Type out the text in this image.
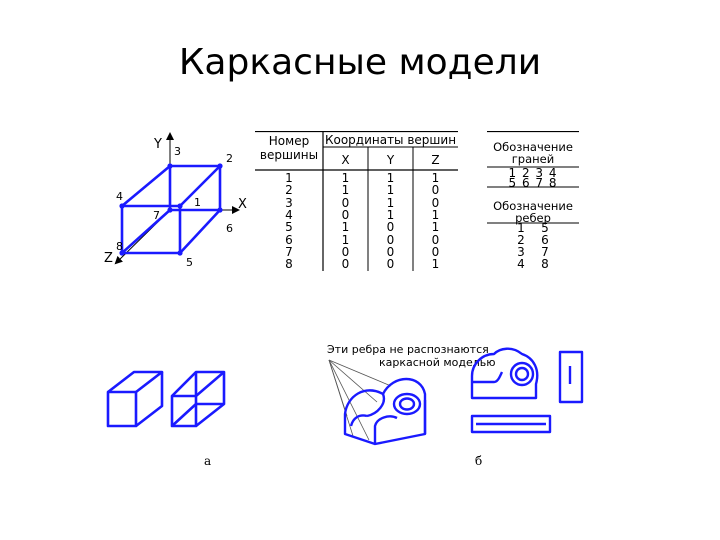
Каркасные модели
Y
X
Z
3
2
4	1
7
6
8
5
Номер
вершины
Координаты вершин
X	Y	Z
1	1	1	1
2	1	1	0
3	0	1	0
4	0	1	1
5	1	0	1
6	1	0	0
7	0	0	0
8	0	0	1
Обозначение
граней
1 2 3 4
5 6 7 8
Обозначение
ребер
1	5
2	6
3	7
4	8
а
Эти ребра не распознаются
каркасной моделью
б
